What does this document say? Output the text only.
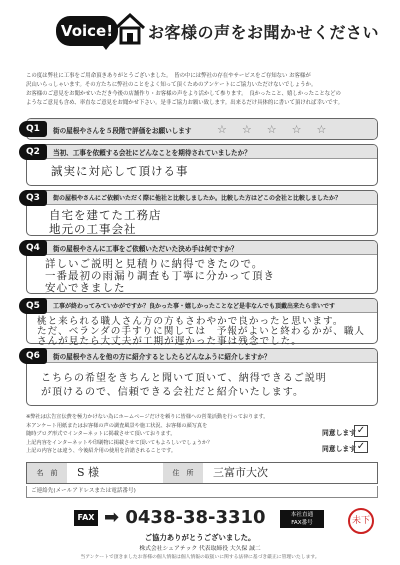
Voice!	お客様の声をお聞かせください

この度は弊社に工事をご用命頂きありがとうございました。　皆の中には弊社の存在やサービスをご存知ない お客様が

沢山いらっしゃいます。その方たちに弊社のことをよく知って頂くためのアンケートにご協力いただけないでしょうか。

お客様のご意見をお聞かせいただき今後の店舗作り・お客様の声をより活かして参ります。　良かったこと、嬉しかったことなどの

ようなご意見も含め、率直なご意見をお聞かせ下さい。是非ご協力お願い致します。出来るだけ具体的に書いて頂ければ幸いです。

Q1	街の屋根やさんを５段階で評価をお願いします ☆☆☆☆☆
Q2	当初、工事を依頼する会社にどんなことを期待されていましたか？
誠実に対応して頂ける事
Q3	街の屋根やさんにご依頼いただく際に他社と比較しましたか。比較した方はどこの会社と比較しましたか？
自宅を建てた工務店
地元の工事会社
Q4	街の屋根やさんに工事をご依頼いただいた決め手は何ですか？
詳しいご説明と見積りに納得できたので。
一番最初の雨漏り調査も丁寧に分かって頂き
安心できました
Q5	工事が終わってみていかがですか？良かった事・嬉しかったことなど是非なんでも頂戴出来たら幸いです
桃と来られる職人さん方の方もさわやかで良かったと思います。
ただ、ベランダの手すりに関しては　予報がよいと終わるかが、職人
さんが見たら大丈夫が工期が遅かった事は残念でした。
Q6	街の屋根やさんを他の方に紹介するとしたらどんなふうに紹介しますか？
こちらの希望をきちんと聞いて頂いて、納得できるご説明
が頂けるので、信頼できる会社だと紹介いたします。
※弊社は広告宣伝費を極力かけない為にホームページだけを頼りに皆様への営業活動を行っております。
本アンケート用紙またはお客様の声の調査風景や施工状況、お客様の顔写真を
随時ブログ形式でインターネットに掲載させて頂いております。
上記内容をインターネットや印刷物に掲載させて頂いてもよろしいでしょうか？
上記の内容とは違う、今後紹介用の使用を許諾されることです。
同意します ✓
同意します ✓
名　前	S 様	住　所	三富市大次
ご連絡先(メールアドレスまたは電話番号)
FAX ➡ 0438-38-3310	本社直通
FAX番号	未下
ご協力ありがとうございました。
株式会社シェアテック 代表取締役 大久保 誠二
当アンケートで頂きましたお客様の個人情報は個人情報の取扱いに関する法律に基づき厳正に管理いたします。
